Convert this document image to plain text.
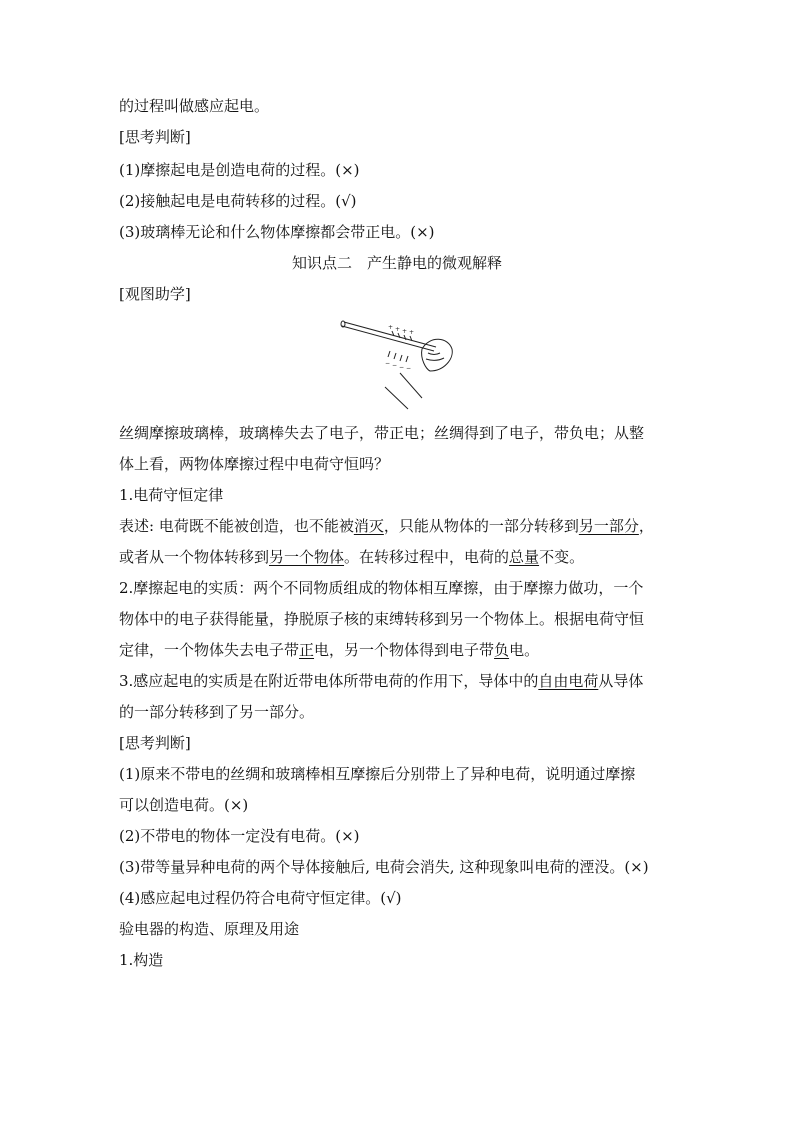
的过程叫做感应起电。
[思考判断]
(1)摩擦起电是创造电荷的过程。(×)
(2)接触起电是电荷转移的过程。(√)
(3)玻璃棒无论和什么物体摩擦都会带正电。(×)
知识点二　产生静电的微观解释
[观图助学]
+ + + +
− − − −
丝绸摩擦玻璃棒，玻璃棒失去了电子，带正电；丝绸得到了电子，带负电；从整
体上看，两物体摩擦过程中电荷守恒吗？
1.电荷守恒定律
表述: 电荷既不能被创造，也不能被消灭，只能从物体的一部分转移到另一部分，
或者从一个物体转移到另一个物体。在转移过程中，电荷的总量不变。
2.摩擦起电的实质：两个不同物质组成的物体相互摩擦，由于摩擦力做功，一个
物体中的电子获得能量，挣脱原子核的束缚转移到另一个物体上。根据电荷守恒
定律，一个物体失去电子带正电，另一个物体得到电子带负电。
3.感应起电的实质是在附近带电体所带电荷的作用下，导体中的自由电荷从导体
的一部分转移到了另一部分。
[思考判断]
(1)原来不带电的丝绸和玻璃棒相互摩擦后分别带上了异种电荷，说明通过摩擦
可以创造电荷。(×)
(2)不带电的物体一定没有电荷。(×)
(3)带等量异种电荷的两个导体接触后, 电荷会消失, 这种现象叫电荷的湮没。(×)
(4)感应起电过程仍符合电荷守恒定律。(√)
验电器的构造、原理及用途
1.构造
